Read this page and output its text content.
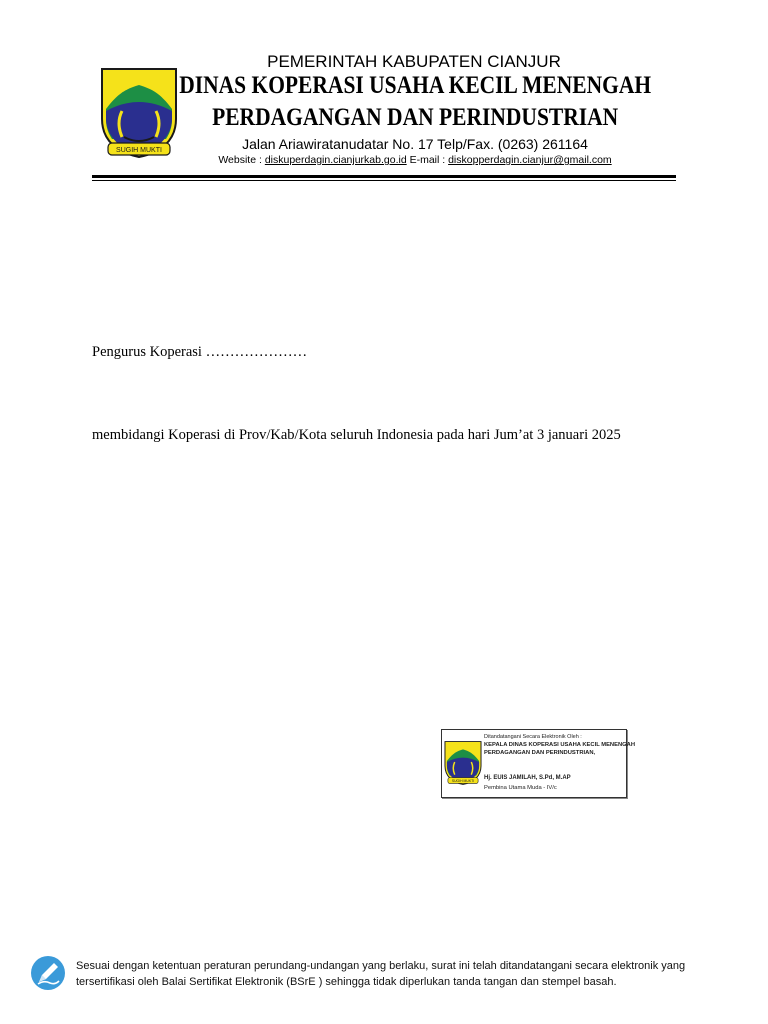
SUGIH MUKTI
PEMERINTAH KABUPATEN CIANJUR
DINAS KOPERASI USAHA KECIL MENENGAH
PERDAGANGAN DAN PERINDUSTRIAN
Jalan Ariawiratanudatar No. 17 Telp/Fax. (0263) 261164
Website : diskuperdagin.cianjurkab.go.id E-mail : diskopperdagin.cianjur@gmail.com
Pengurus Koperasi …………………
membidangi Koperasi di Prov/Kab/Kota seluruh Indonesia pada hari Jum’at 3 januari 2025
SUGIH MUKTI
Ditandatangani Secara Elektronik Oleh :
KEPALA DINAS KOPERASI USAHA KECIL MENENGAH
PERDAGANGAN DAN PERINDUSTRIAN,
Hj. EUIS JAMILAH, S.Pd, M.AP
Pembina Utama Muda - IV/c
Sesuai dengan ketentuan peraturan perundang-undangan yang berlaku, surat ini telah ditandatangani secara elektronik yang
tersertifikasi oleh Balai Sertifikat Elektronik (BSrE ) sehingga tidak diperlukan tanda tangan dan stempel basah.
